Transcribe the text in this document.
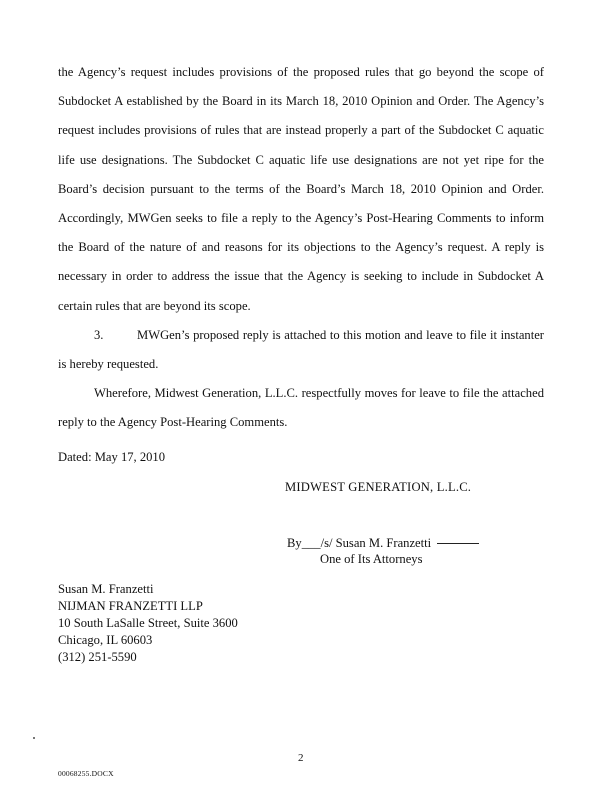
the Agency’s request includes provisions of the proposed rules that go beyond the scope of Subdocket A established by the Board in its March 18, 2010 Opinion and Order. The Agency’s request includes provisions of rules that are instead properly a part of the Subdocket C aquatic life use designations. The Subdocket C aquatic life use designations are not yet ripe for the Board’s decision pursuant to the terms of the Board’s March 18, 2010 Opinion and Order. Accordingly, MWGen seeks to file a reply to the Agency’s Post-Hearing Comments to inform the Board of the nature of and reasons for its objections to the Agency’s request. A reply is necessary in order to address the issue that the Agency is seeking to include in Subdocket A certain rules that are beyond its scope.

3.	MWGen’s proposed reply is attached to this motion and leave to file it instanter is hereby requested.

Wherefore, Midwest Generation, L.L.C. respectfully moves for leave to file the attached reply to the Agency Post-Hearing Comments.

Dated: May 17, 2010
MIDWEST GENERATION, L.L.C.
By___/s/ Susan M. Franzetti
One of Its Attorneys
Susan M. Franzetti
NIJMAN FRANZETTI LLP
10 South LaSalle Street, Suite 3600
Chicago, IL 60603
(312) 251-5590
2
00068255.DOCX
